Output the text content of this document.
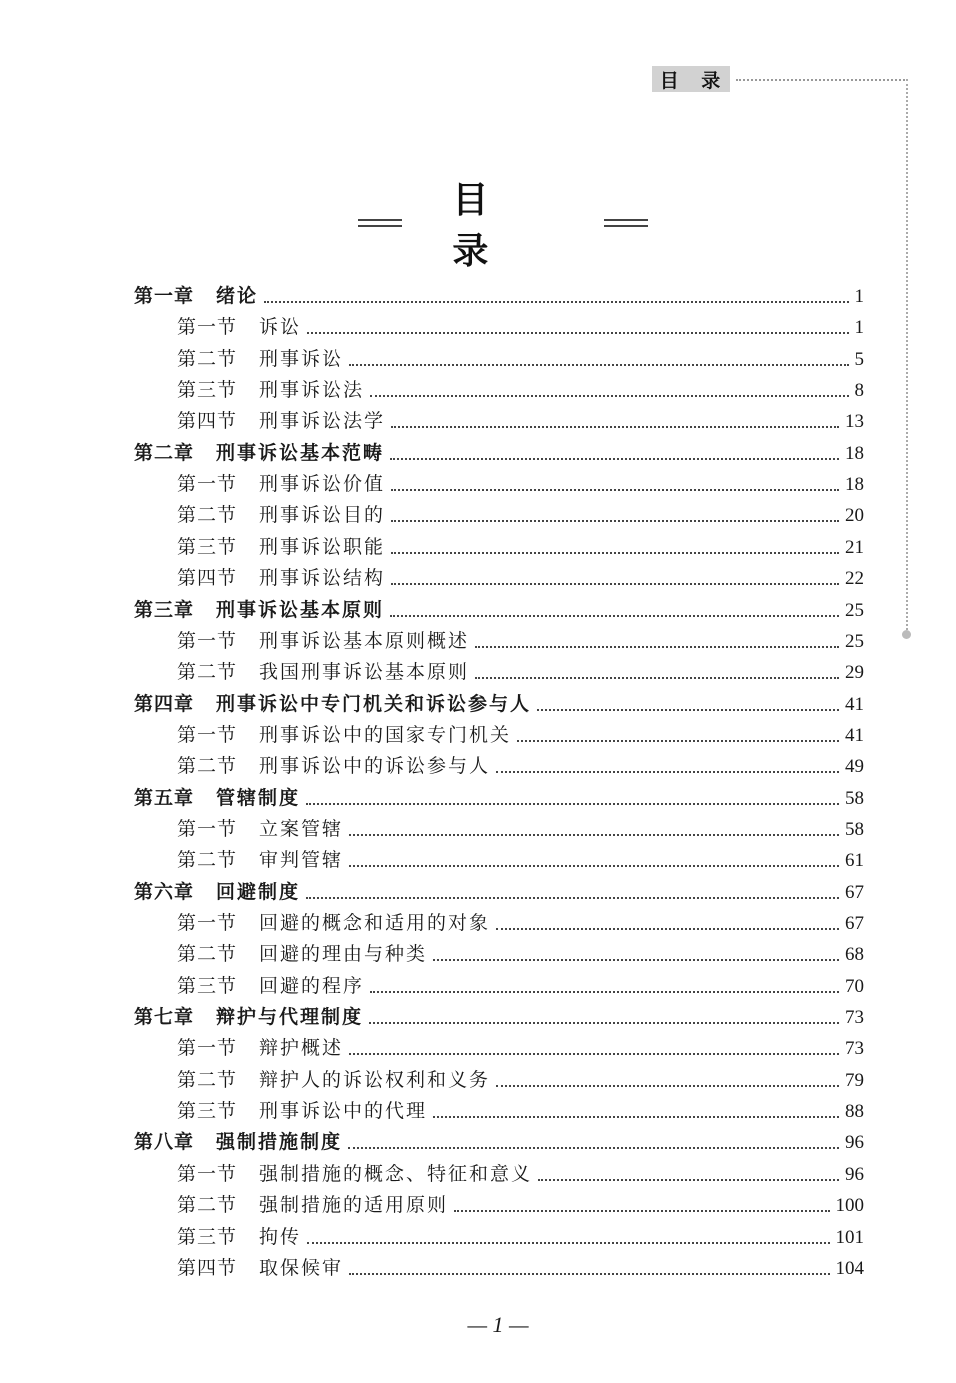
目 录
目 录
第一章 绪论	1
第一节 诉讼	1
第二节 刑事诉讼	5
第三节 刑事诉讼法	8
第四节 刑事诉讼法学	13
第二章 刑事诉讼基本范畴	18
第一节 刑事诉讼价值	18
第二节 刑事诉讼目的	20
第三节 刑事诉讼职能	21
第四节 刑事诉讼结构	22
第三章 刑事诉讼基本原则	25
第一节 刑事诉讼基本原则概述	25
第二节 我国刑事诉讼基本原则	29
第四章 刑事诉讼中专门机关和诉讼参与人	41
第一节 刑事诉讼中的国家专门机关	41
第二节 刑事诉讼中的诉讼参与人	49
第五章 管辖制度	58
第一节 立案管辖	58
第二节 审判管辖	61
第六章 回避制度	67
第一节 回避的概念和适用的对象	67
第二节 回避的理由与种类	68
第三节 回避的程序	70
第七章 辩护与代理制度	73
第一节 辩护概述	73
第二节 辩护人的诉讼权利和义务	79
第三节 刑事诉讼中的代理	88
第八章 强制措施制度	96
第一节 强制措施的概念、特征和意义	96
第二节 强制措施的适用原则	100
第三节 拘传	101
第四节 取保候审	104
— 1 —
